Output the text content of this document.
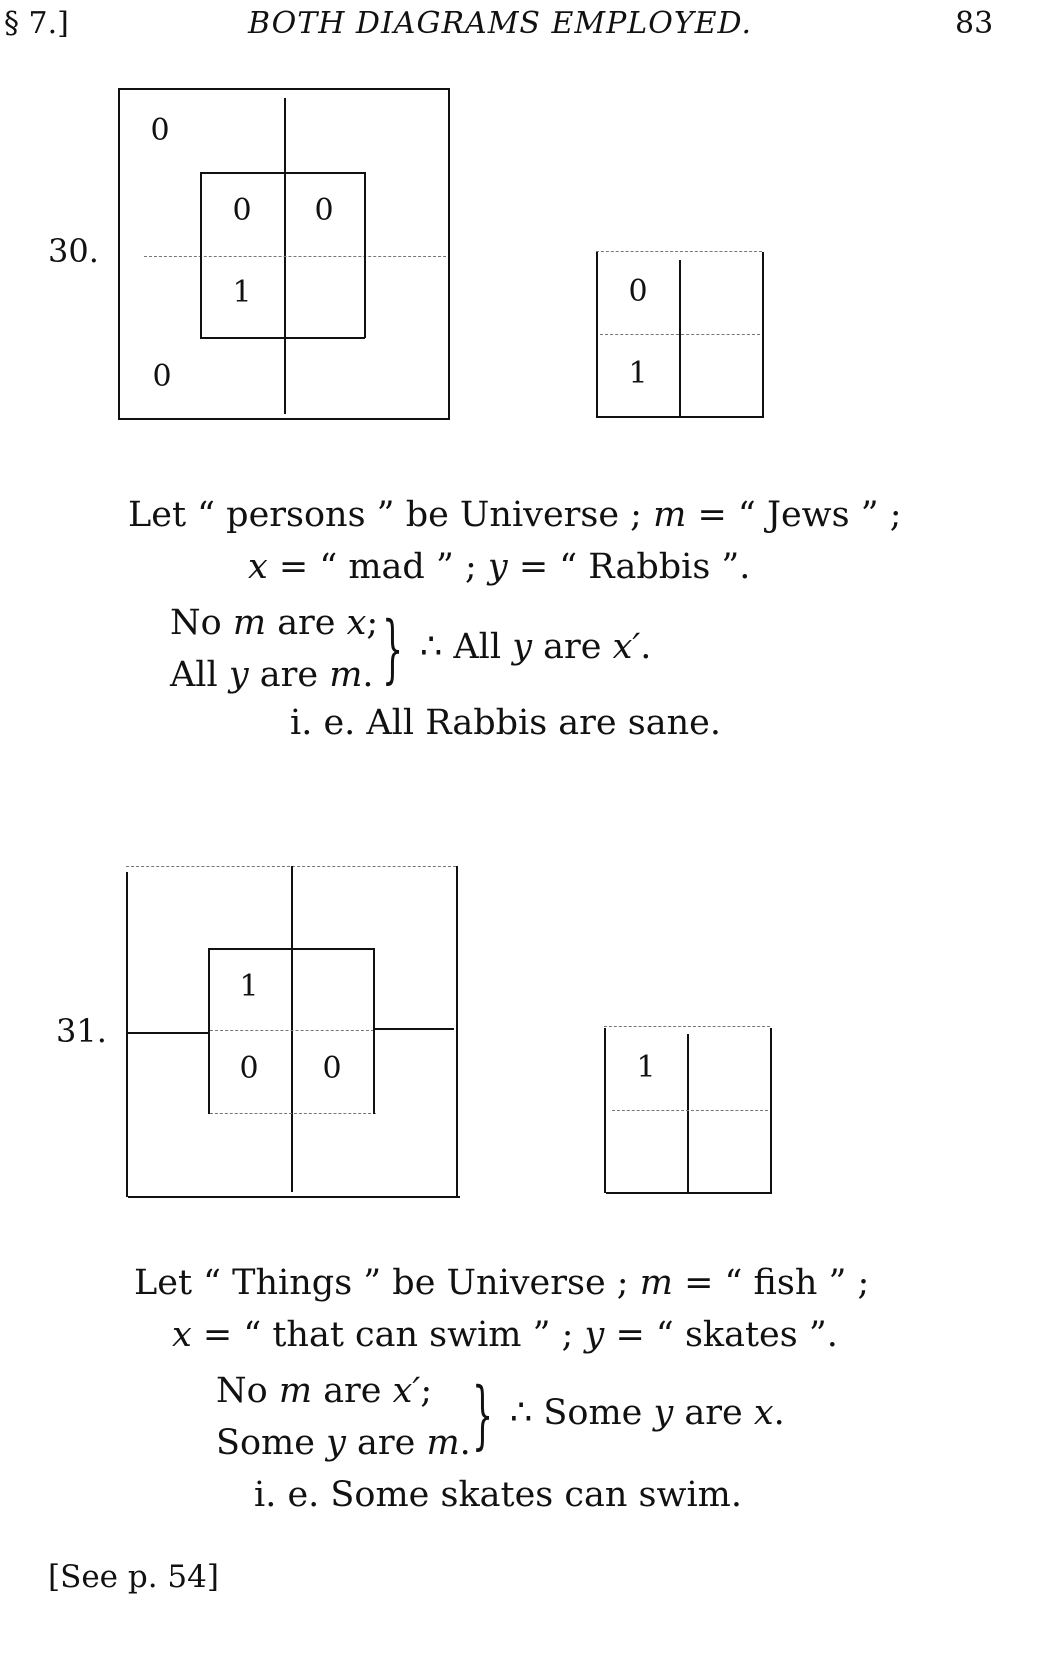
§ 7.]	BOTH DIAGRAMS EMPLOYED.	83
30.
0
0
0	0
1	0
1
Let “ persons ” be Universe ; m = “ Jews ” ;
x = “ mad ” ; y = “ Rabbis ”.
No m are x;
All y are m. } ∴ All y are x′.
i. e. All Rabbis are sane.
31.
1
0	0	1
Let “ Things ” be Universe ; m = “ fish ” ;
x = “ that can swim ” ; y = “ skates ”.
No m are x′;
Some y are m. } ∴ Some y are x.
i. e. Some skates can swim.
[See p. 54]
